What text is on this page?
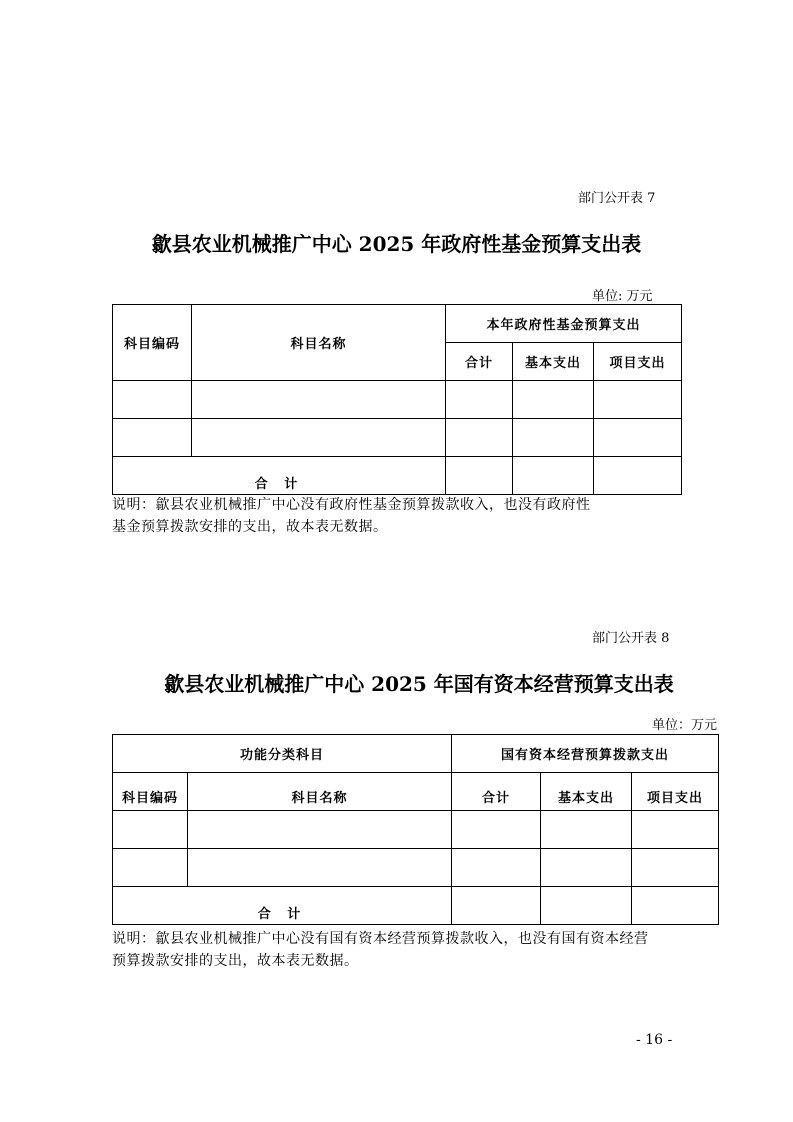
部门公开表 7
歙县农业机械推广中心 2025 年政府性基金预算支出表
单位: 万元
科目编码	科目名称	本年政府性基金预算支出		
		合计	基本支出	项目支出

合 计				
说明：歙县农业机械推广中心没有政府性基金预算拨款收入，也没有政府性
基金预算拨款安排的支出，故本表无数据。
部门公开表 8
歙县农业机械推广中心 2025 年国有资本经营预算支出表
单位：万元
功能分类科目		国有资本经营预算拨款支出		
科目编码	科目名称	合计	基本支出	项目支出

合 计				
说明：歙县农业机械推广中心没有国有资本经营预算拨款收入，也没有国有资本经营
预算拨款安排的支出，故本表无数据。
- 16 -
